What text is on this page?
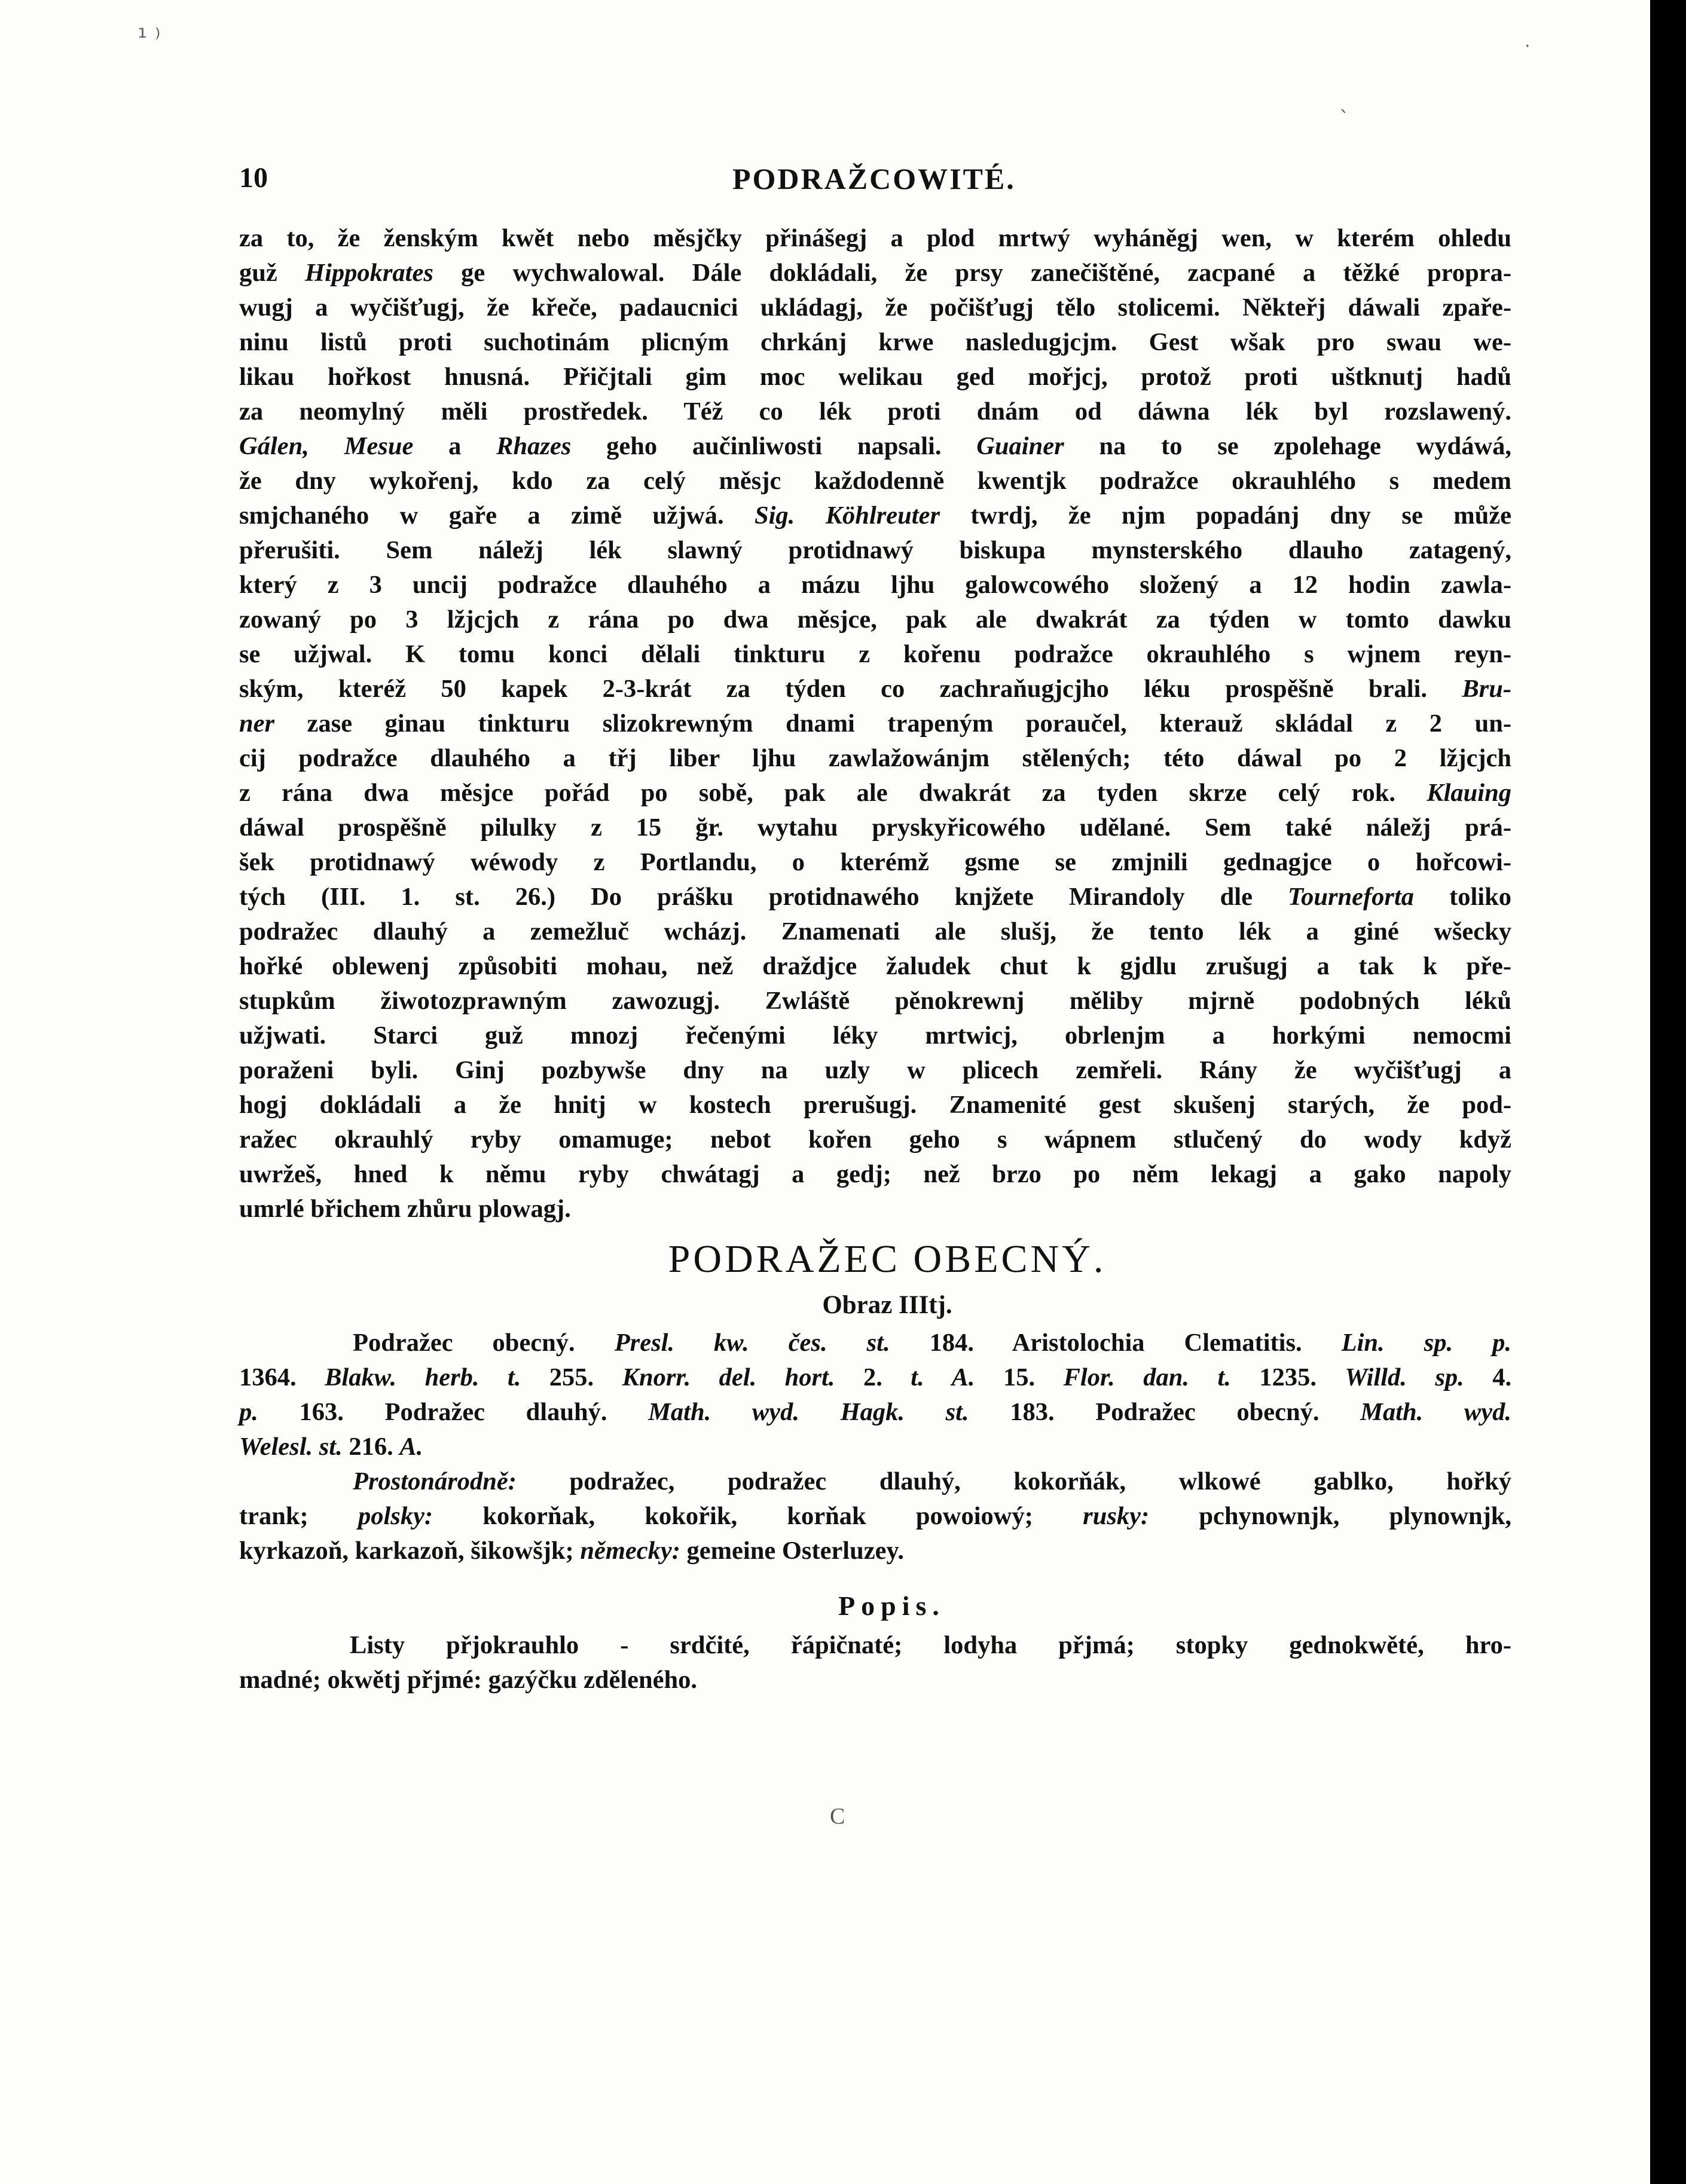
10	PODRAŽCOWITÉ.
za to, že ženským kwět nebo měsjčky přinášegj a plod mrtwý wyháněgj wen, w kterém ohledu
guž Hippokrates ge wychwalowal. Dále dokládali, že prsy zanečištěné, zacpané a těžké propra-
wugj a wyčišťugj, že křeče, padaucnici ukládagj, že počišťugj tělo stolicemi. Někteřj dáwali zpaře-
ninu listů proti suchotinám plicným chrkánj krwe nasledugjcjm. Gest wšak pro swau we-
likau hořkost hnusná. Přičjtali gim moc welikau ged mořjcj, protož proti uštknutj hadů
za neomylný měli prostředek. Též co lék proti dnám od dáwna lék byl rozslawený.
Gálen, Mesue a Rhazes geho aučinliwosti napsali. Guainer na to se zpolehage wydáwá,
že dny wykořenj, kdo za celý měsjc každodenně kwentjk podražce okrauhlého s medem
smjchaného w gaře a zimě užjwá. Sig. Köhlreuter twrdj, že njm popadánj dny se může
přerušiti. Sem náležj lék slawný protidnawý biskupa mynsterského dlauho zatagený,
který z 3 uncij podražce dlauhého a mázu ljhu galowcowého složený a 12 hodin zawla-
zowaný po 3 lžjcjch z rána po dwa měsjce, pak ale dwakrát za týden w tomto dawku
se užjwal. K tomu konci dělali tinkturu z kořenu podražce okrauhlého s wjnem reyn-
ským, kteréž 50 kapek 2-3-krát za týden co zachraňugjcjho léku prospěšně brali. Bru-
ner zase ginau tinkturu slizokrewným dnami trapeným poraučel, kterauž skládal z 2 un-
cij podražce dlauhého a třj liber ljhu zawlažowánjm stělených; této dáwal po 2 lžjcjch
z rána dwa měsjce pořád po sobě, pak ale dwakrát za tyden skrze celý rok. Klauing
dáwal prospěšně pilulky z 15 ğr. wytahu pryskyřicowého udělané. Sem také náležj prá-
šek protidnawý wéwody z Portlandu, o kterémž gsme se zmjnili gednagjce o hořcowi-
tých (III. 1. st. 26.) Do prášku protidnawého knjžete Mirandoly dle Tourneforta toliko
podražec dlauhý a zemežluč wcházj. Znamenati ale slušj, že tento lék a giné wšecky
hořké oblewenj způsobiti mohau, než draždjce žaludek chut k gjdlu zrušugj a tak k pře-
stupkům žiwotozprawným zawozugj. Zwláště pěnokrewnj měliby mjrně podobných léků
užjwati. Starci guž mnozj řečenými léky mrtwicj, obrlenjm a horkými nemocmi
poraženi byli. Ginj pozbywše dny na uzly w plicech zemřeli. Rány že wyčišťugj a
hogj dokládali a že hnitj w kostech prerušugj. Znamenité gest skušenj starých, že pod-
ražec okrauhlý ryby omamuge; nebot kořen geho s wápnem stlučený do wody když
uwržeš, hned k němu ryby chwátagj a gedj; než brzo po něm lekagj a gako napoly
umrlé břichem zhůru plowagj.
PODRAŽEC OBECNÝ.
Obraz IIItj.
Podražec obecný. Presl. kw. čes. st. 184. Aristolochia Clematitis. Lin. sp. p.
1364. Blakw. herb. t. 255. Knorr. del. hort. 2. t. A. 15. Flor. dan. t. 1235. Willd. sp. 4.
p. 163. Podražec dlauhý. Math. wyd. Hagk. st. 183. Podražec obecný. Math. wyd.
Welesl. st. 216. A.
Prostonárodně: podražec, podražec dlauhý, kokorňák, wlkowé gablko, hořký
trank; polsky: kokorňak, kokořik, korňak powoiowý; rusky: pchynownjk, plynownjk,
kyrkazoň, karkazoň, šikowšjk; německy: gemeine Osterluzey.
Popis.
Listy přjokrauhlo - srdčité, řápičnaté; lodyha přjmá; stopky gednokwěté, hro-
madné; okwětj přjmé: gazýčku zděleného.
C
¹ ⁾	·
ˎ
